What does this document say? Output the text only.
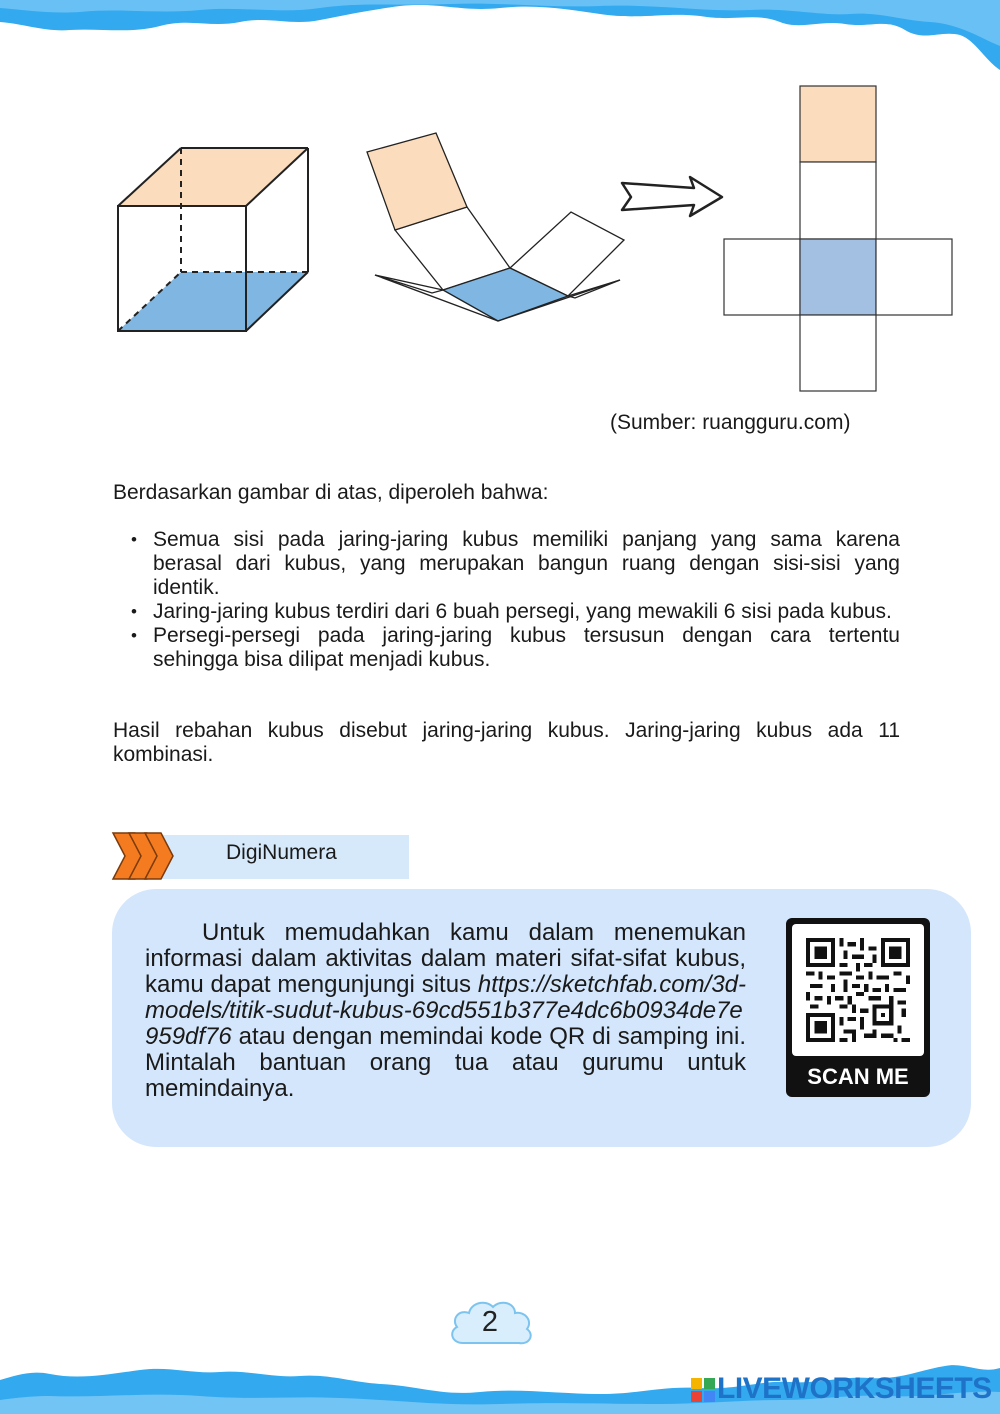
(Sumber: ruangguru.com)
Berdasarkan gambar di atas, diperoleh bahwa:
• Semua sisi pada jaring-jaring kubus memiliki panjang yang sama karena berasal dari kubus, yang merupakan bangun ruang dengan sisi-sisi yang identik.
• Jaring-jaring kubus terdiri dari 6 buah persegi, yang mewakili 6 sisi pada kubus.
• Persegi-persegi pada jaring-jaring kubus tersusun dengan cara tertentu sehingga bisa dilipat menjadi kubus.

Hasil rebahan kubus disebut jaring-jaring kubus. Jaring-jaring kubus ada 11 kombinasi.

DigiNumera

Untuk memudahkan kamu dalam menemukan informasi dalam aktivitas dalam materi sifat-sifat kubus, kamu dapat mengunjungi situs https://sketchfab.com/3d-models/titik-sudut-kubus-69cd551b377e4dc6b0934de7e959df76 atau dengan memindai kode QR di samping ini. Mintalah bantuan orang tua atau gurumu untuk memindainya.	SCAN ME
2
LIVEWORKSHEETS
